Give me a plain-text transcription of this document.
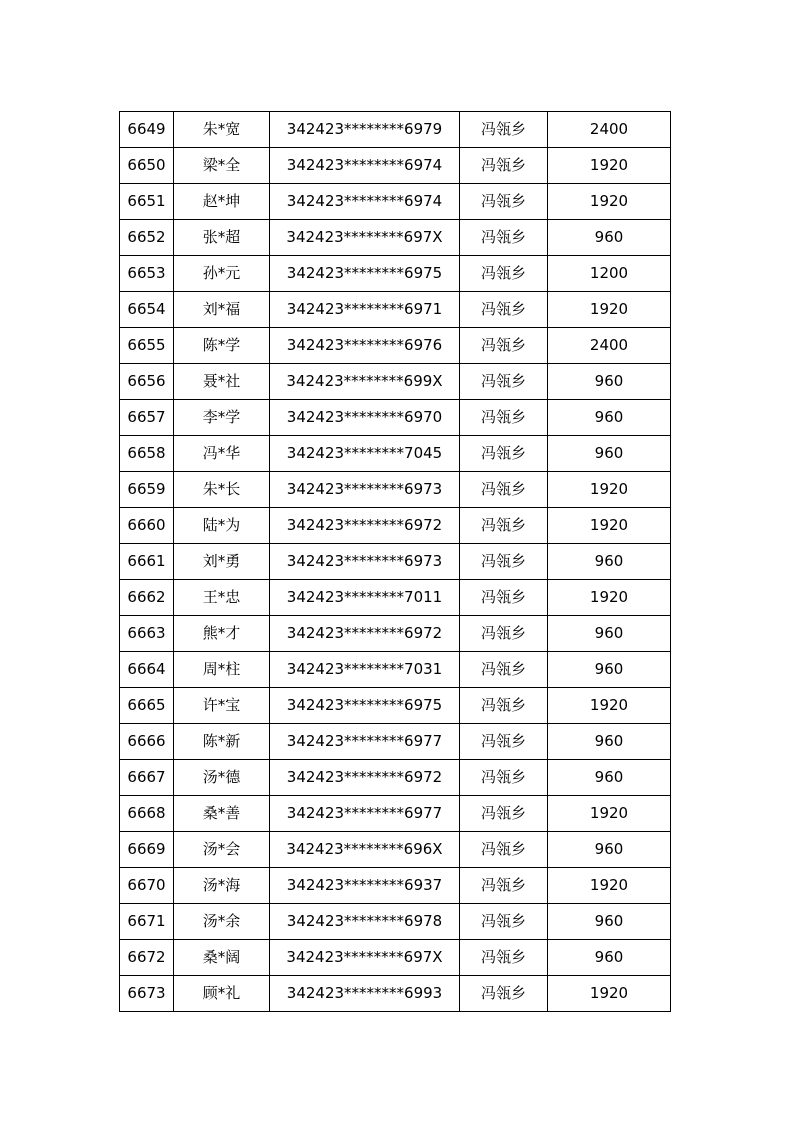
6649	朱*宽	342423********6979	冯瓴乡	2400
6650	梁*全	342423********6974	冯瓴乡	1920
6651	赵*坤	342423********6974	冯瓴乡	1920
6652	张*超	342423********697X	冯瓴乡	960
6653	孙*元	342423********6975	冯瓴乡	1200
6654	刘*福	342423********6971	冯瓴乡	1920
6655	陈*学	342423********6976	冯瓴乡	2400
6656	聂*社	342423********699X	冯瓴乡	960
6657	李*学	342423********6970	冯瓴乡	960
6658	冯*华	342423********7045	冯瓴乡	960
6659	朱*长	342423********6973	冯瓴乡	1920
6660	陆*为	342423********6972	冯瓴乡	1920
6661	刘*勇	342423********6973	冯瓴乡	960
6662	王*忠	342423********7011	冯瓴乡	1920
6663	熊*才	342423********6972	冯瓴乡	960
6664	周*柱	342423********7031	冯瓴乡	960
6665	许*宝	342423********6975	冯瓴乡	1920
6666	陈*新	342423********6977	冯瓴乡	960
6667	汤*德	342423********6972	冯瓴乡	960
6668	桑*善	342423********6977	冯瓴乡	1920
6669	汤*会	342423********696X	冯瓴乡	960
6670	汤*海	342423********6937	冯瓴乡	1920
6671	汤*余	342423********6978	冯瓴乡	960
6672	桑*阔	342423********697X	冯瓴乡	960
6673	顾*礼	342423********6993	冯瓴乡	1920
